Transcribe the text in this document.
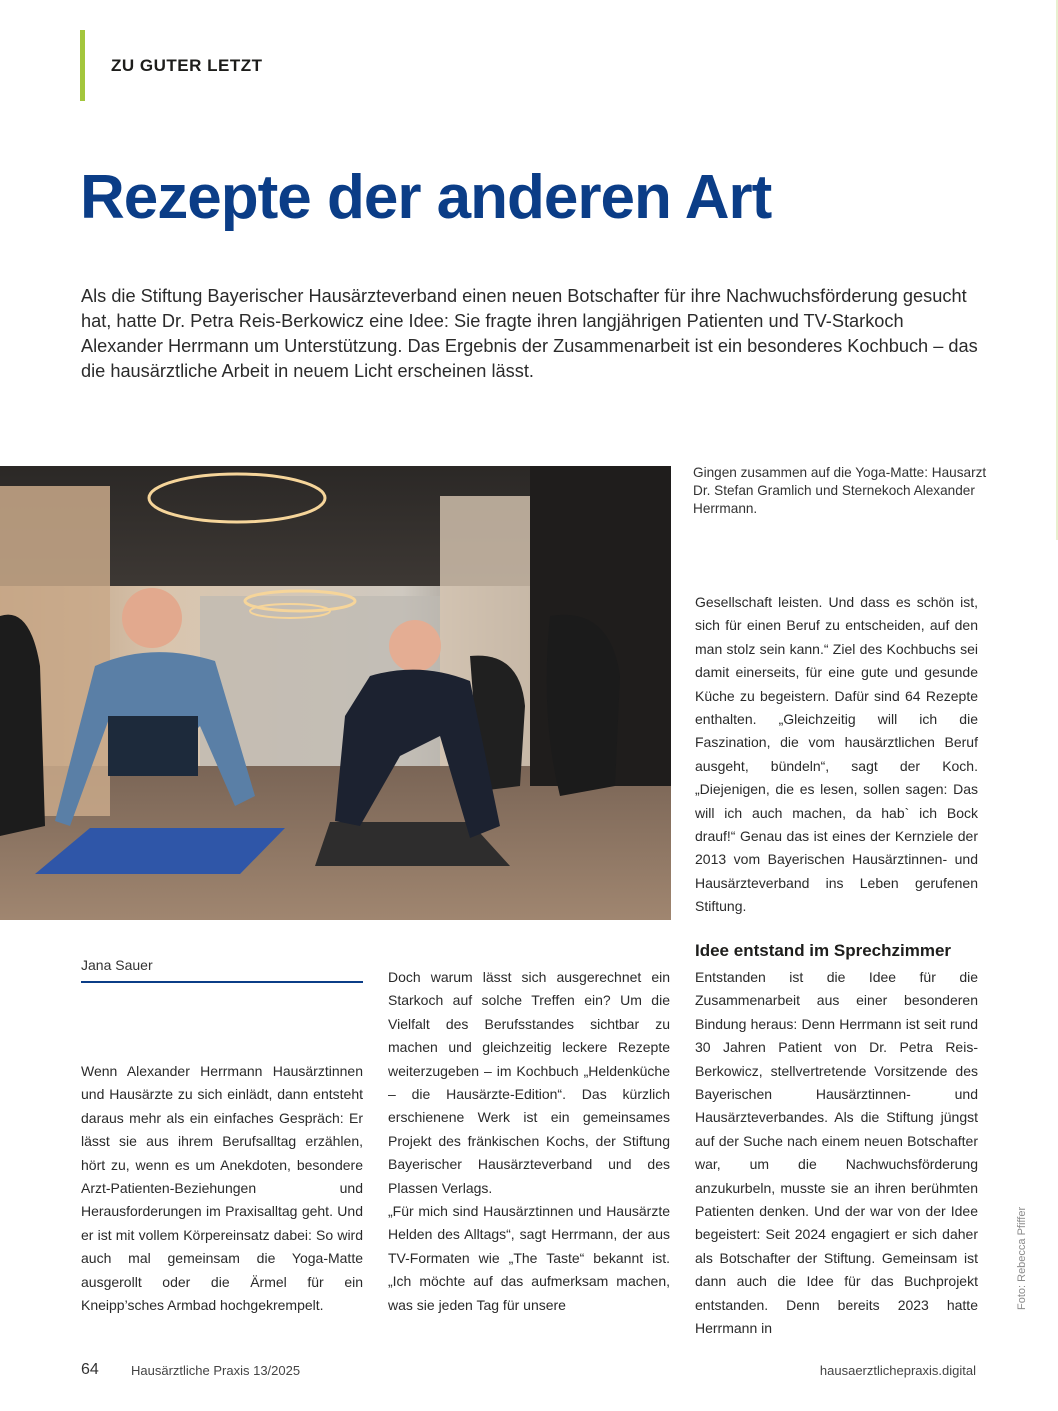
ZU GUTER LETZT
Rezepte der anderen Art

Als die Stiftung Bayerischer Hausärzteverband einen neuen Botschafter für ihre Nachwuchsförderung gesucht hat, hatte Dr. Petra Reis-Berkowicz eine Idee: Sie fragte ihren langjährigen Patienten und TV-Starkoch Alexander Herrmann um Unterstützung. Das Ergebnis der Zusammenarbeit ist ein besonderes Kochbuch – das die hausärztliche Arbeit in neuem Licht erscheinen lässt.

Gingen zusammen auf die Yoga-Matte: Hausarzt Dr. Stefan Gramlich und Sternekoch Alexander Herrmann.

Jana Sauer

Wenn Alexander Herrmann Hausärztinnen und Hausärzte zu sich einlädt, dann entsteht daraus mehr als ein einfaches Gespräch: Er lässt sie aus ihrem Berufsalltag erzählen, hört zu, wenn es um Anekdoten, besondere Arzt-Patienten-Beziehungen und Herausforderungen im Praxisalltag geht. Und er ist mit vollem Körpereinsatz dabei: So wird auch mal gemeinsam die Yoga-Matte ausgerollt oder die Ärmel für ein Kneipp’sches Armbad hochgekrempelt.

Doch warum lässt sich ausgerechnet ein Starkoch auf solche Treffen ein? Um die Vielfalt des Berufsstandes sichtbar zu machen und gleichzeitig leckere Rezepte weiterzugeben – im Kochbuch „Heldenküche – die Hausärzte-Edition“. Das kürzlich erschienene Werk ist ein gemeinsames Projekt des fränkischen Kochs, der Stiftung Bayerischer Hausärzteverband und des Plassen Verlags.

„Für mich sind Hausärztinnen und Hausärzte Helden des Alltags“, sagt Herrmann, der aus TV-Formaten wie „The Taste“ bekannt ist. „Ich möchte auf das aufmerksam machen, was sie jeden Tag für unsere

Gesellschaft leisten. Und dass es schön ist, sich für einen Beruf zu entscheiden, auf den man stolz sein kann.“ Ziel des Kochbuchs sei damit einerseits, für eine gute und gesunde Küche zu begeistern. Dafür sind 64 Rezepte enthalten. „Gleichzeitig will ich die Faszination, die vom hausärztlichen Beruf ausgeht, bündeln“, sagt der Koch. „Diejenigen, die es lesen, sollen sagen: Das will ich auch machen, da hab` ich Bock drauf!“ Genau das ist eines der Kernziele der 2013 vom Bayerischen Hausärztinnen- und Hausärzteverband ins Leben gerufenen Stiftung.

Idee entstand im Sprechzimmer

Entstanden ist die Idee für die Zusammenarbeit aus einer besonderen Bindung heraus: Denn Herrmann ist seit rund 30 Jahren Patient von Dr. Petra Reis-Berkowicz, stellvertretende Vorsitzende des Bayerischen Hausärztinnen- und Hausärzteverbandes. Als die Stiftung jüngst auf der Suche nach einem neuen Botschafter war, um die Nachwuchsförderung anzukurbeln, musste sie an ihren berühmten Patienten denken. Und der war von der Idee begeistert: Seit 2024 engagiert er sich daher als Botschafter der Stiftung. Gemeinsam ist dann auch die Idee für das Buchprojekt entstanden. Denn bereits 2023 hatte Herrmann in

Foto: Rebecca Pfiffer
64 Hausärztliche Praxis 13/2025	hausaerztlichepraxis.digital
